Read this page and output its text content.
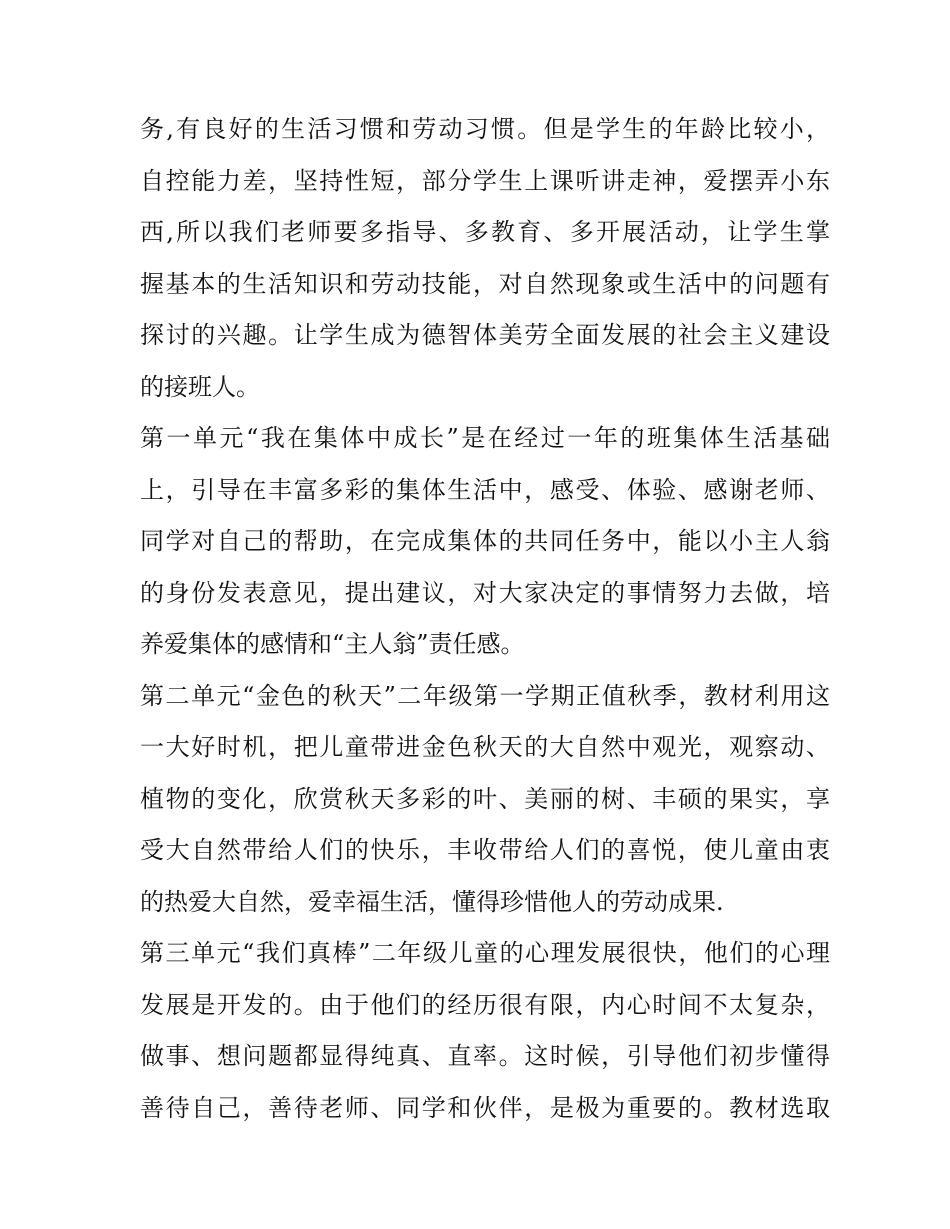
务,有良好的生活习惯和劳动习惯。但是学生的年龄比较小，
自控能力差，坚持性短，部分学生上课听讲走神，爱摆弄小东
西,所以我们老师要多指导、多教育、多开展活动，让学生掌
握基本的生活知识和劳动技能，对自然现象或生活中的问题有
探讨的兴趣。让学生成为德智体美劳全面发展的社会主义建设
的接班人。
第一单元“我在集体中成长”是在经过一年的班集体生活基础
上，引导在丰富多彩的集体生活中，感受、体验、感谢老师、
同学对自己的帮助，在完成集体的共同任务中，能以小主人翁
的身份发表意见，提出建议，对大家决定的事情努力去做，培
养爱集体的感情和“主人翁”责任感。
第二单元“金色的秋天”二年级第一学期正值秋季，教材利用这
一大好时机，把儿童带进金色秋天的大自然中观光，观察动、
植物的变化，欣赏秋天多彩的叶、美丽的树、丰硕的果实，享
受大自然带给人们的快乐，丰收带给人们的喜悦，使儿童由衷
的热爱大自然，爱幸福生活，懂得珍惜他人的劳动成果.
第三单元“我们真棒”二年级儿童的心理发展很快，他们的心理
发展是开发的。由于他们的经历很有限，内心时间不太复杂，
做事、想问题都显得纯真、直率。这时候，引导他们初步懂得
善待自己，善待老师、同学和伙伴，是极为重要的。教材选取
